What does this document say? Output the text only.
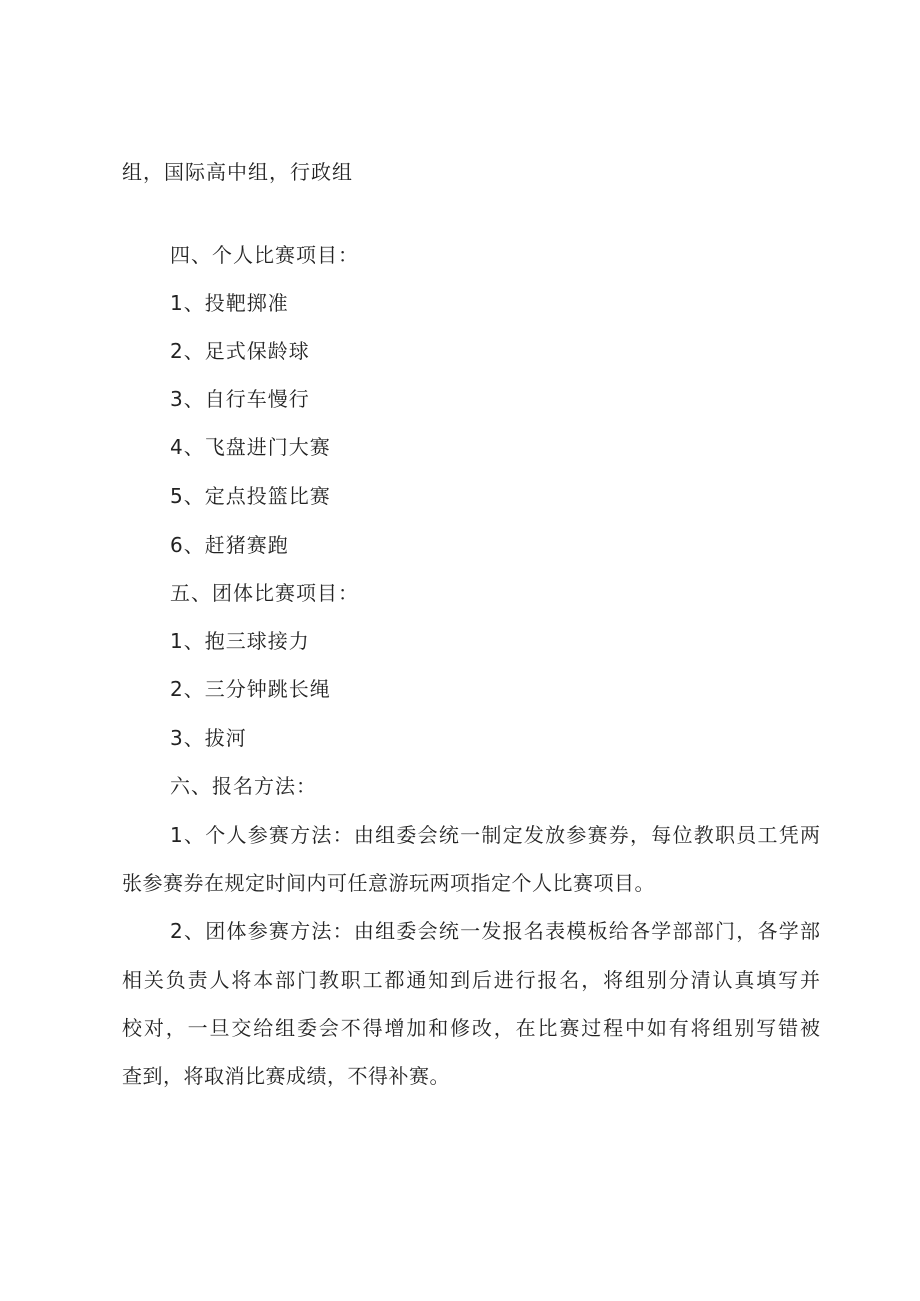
组，国际高中组，行政组
四、个人比赛项目：
1、投靶掷准
2、足式保龄球
3、自行车慢行
4、飞盘进门大赛
5、定点投篮比赛
6、赶猪赛跑
五、团体比赛项目：
1、抱三球接力
2、三分钟跳长绳
3、拔河
六、报名方法：
1、个人参赛方法：由组委会统一制定发放参赛券，每位教职员工凭两
张参赛券在规定时间内可任意游玩两项指定个人比赛项目。
2、团体参赛方法：由组委会统一发报名表模板给各学部部门，各学部
相关负责人将本部门教职工都通知到后进行报名，将组别分清认真填写并
校对，一旦交给组委会不得增加和修改，在比赛过程中如有将组别写错被
查到，将取消比赛成绩，不得补赛。
